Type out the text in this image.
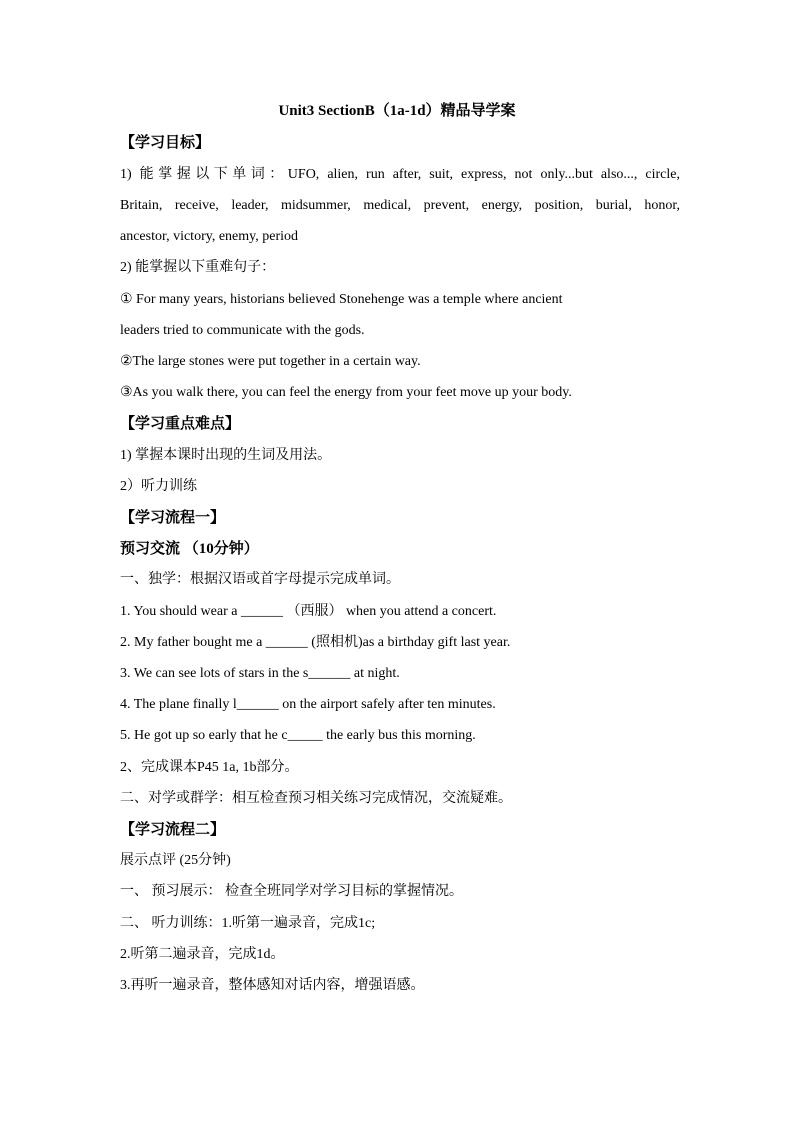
Unit3 SectionB（1a-1d）精品导学案
【学习目标】
1) 能掌握以下单词：UFO, alien, run after, suit, express, not only...but also..., circle,
Britain, receive, leader, midsummer, medical, prevent, energy, position, burial, honor,
ancestor, victory, enemy, period
2) 能掌握以下重难句子：
① For many years, historians believed Stonehenge was a temple where ancient
leaders tried to communicate with the gods.
②The large stones were put together in a certain way.
③As you walk there, you can feel the energy from your feet move up your body.
【学习重点难点】
1) 掌握本课时出现的生词及用法。
2）听力训练
【学习流程一】
预习交流 （10分钟）
一、独学：根据汉语或首字母提示完成单词。
1. You should wear a ______ （西服） when you attend a concert.
2. My father bought me a ______ (照相机)as a birthday gift last year.
3. We can see lots of stars in the s______ at night.
4. The plane finally l______ on the airport safely after ten minutes.
5. He got up so early that he c_____ the early bus this morning.
2、完成课本P45 1a, 1b部分。
二、对学或群学：相互检查预习相关练习完成情况，交流疑难。
【学习流程二】
展示点评 (25分钟)
一、 预习展示： 检查全班同学对学习目标的掌握情况。
二、 听力训练：1.听第一遍录音，完成1c;
2.听第二遍录音，完成1d。
3.再听一遍录音，整体感知对话内容，增强语感。
